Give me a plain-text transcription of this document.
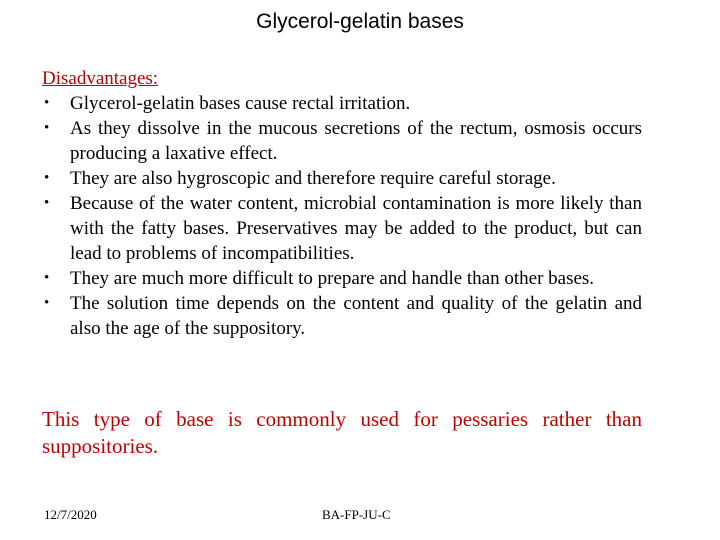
Glycerol-gelatin bases
Disadvantages:
• Glycerol-gelatin bases cause rectal irritation.
• As they dissolve in the mucous secretions of the rectum, osmosis occurs producing a laxative effect.
• They are also hygroscopic and therefore require careful storage.
• Because of the water content, microbial contamination is more likely than with the fatty bases. Preservatives may be added to the product, but can lead to problems of incompatibilities.
• They are much more difficult to prepare and handle than other bases.
• The solution time depends on the content and quality of the gelatin and also the age of the suppository.
This type of base is commonly used for pessaries rather than suppositories.
12/7/2020	BA-FP-JU-C
